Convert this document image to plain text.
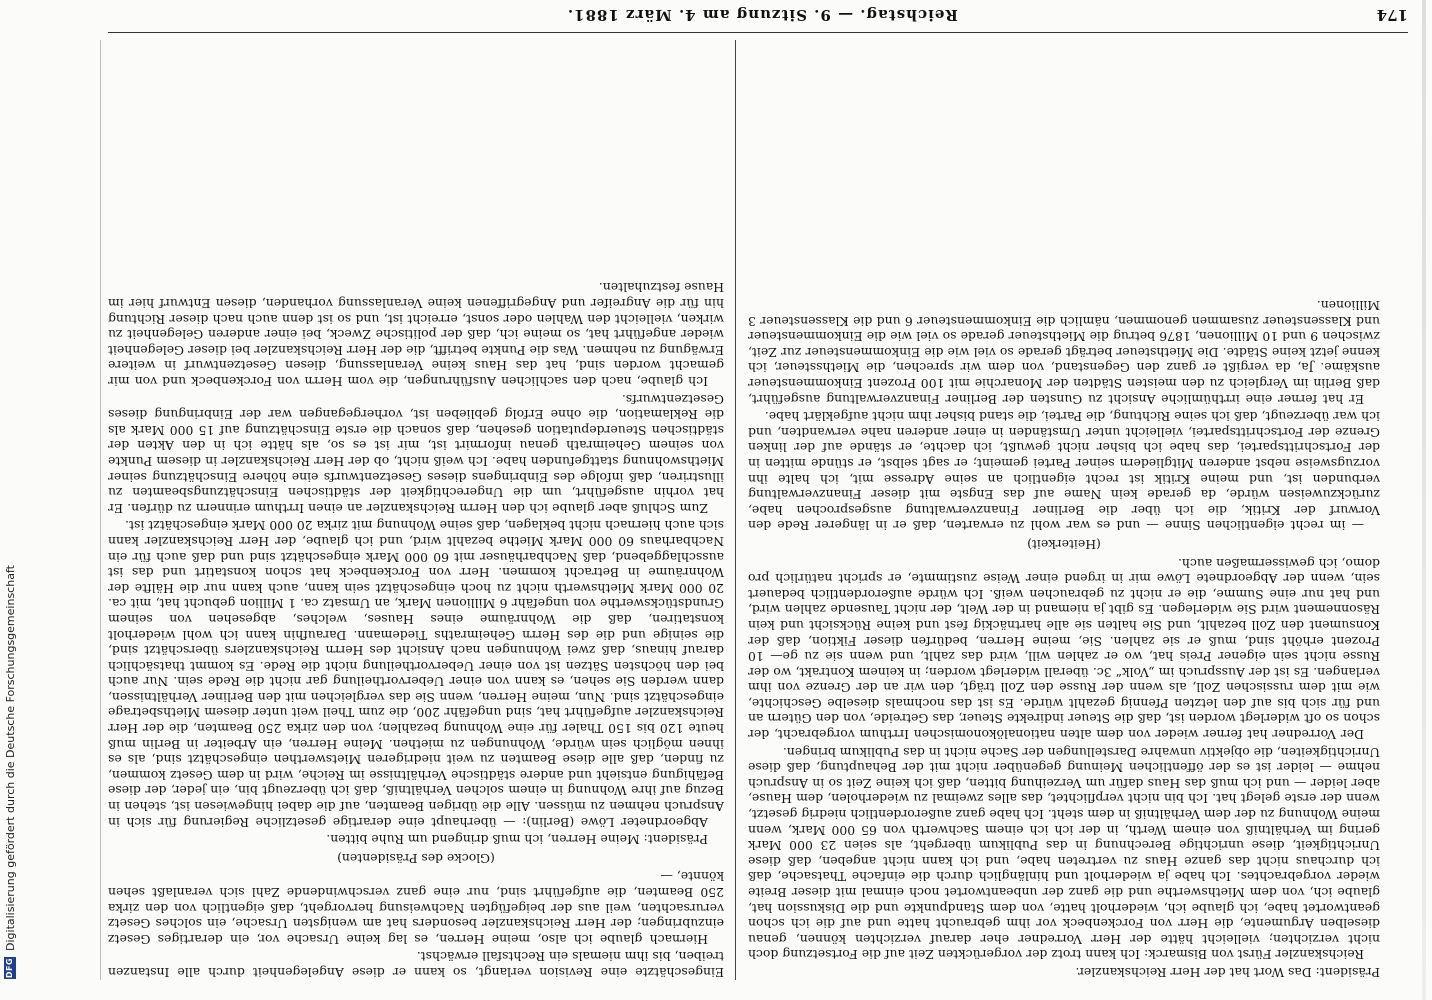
174
Reichstag. — 9. Sitzung am 4. März 1881.

Eingeschätzte eine Revision verlangt, so kann er diese Angelegenheit durch alle Instanzen treiben, bis ihm niemals ein Rechtsfall erwächst.

Hiernach glaube ich also, meine Herren, es lag keine Ursache vor, ein derartiges Gesetz einzubringen; der Herr Reichskanzler besonders hat am wenigsten Ursache, ein solches Gesetz verursachten, weil aus der beigefügten Nachweisung hervorgeht, daß eigentlich von den zirka 250 Beamten, die aufgeführt sind, nur eine ganz verschwindende Zahl sich veranlaßt sehen könnte, —

(Glocke des Präsidenten)

Präsident: Meine Herren, ich muß dringend um Ruhe bitten.

Abgeordneter Löwe (Berlin): — überhaupt eine derartige gesetzliche Regierung für sich in Anspruch nehmen zu müssen. Alle die übrigen Beamten, auf die dabei hingewiesen ist, stehen in Bezug auf ihre Wohnung in einem solchen Verhältniß, daß ich überzeugt bin, ein jeder, der diese Befähigung entsieht und andere städtische Verhältnisse im Reiche, wird in dem Gesetz kommen, zu finden, daß alle diese Beamten zu weit niedrigeren Mietswerthen eingeschätzt sind, als es ihnen möglich sein würde, Wohnungen zu miethen. Meine Herren, ein Arbeiter in Berlin muß heute 120 bis 150 Thaler für eine Wohnung bezahlen; von den zirka 250 Beamten, die der Herr Reichskanzler aufgeführt hat, sind ungefähr 200, die zum Theil weit unter diesem Miethsbetrage eingeschätzt sind. Nun, meine Herren, wenn Sie das vergleichen mit den Berliner Verhältnissen, dann werden Sie sehen, es kann von einer Uebervortheilung gar nicht die Rede sein. Nur auch bei den höchsten Sätzen ist von einer Uebervortheilung nicht die Rede. Es kommt thatsächlich darauf hinaus, daß zwei Wohnungen nach Ansicht des Herrn Reichskanzlers überschätzt sind, die seinige und die des Herrn Geheimraths Tiedemann. Daraufhin kann ich wohl wiederholt konstatiren, daß die Wohnräume eines Hauses, welches, abgesehen von seinem Grundstückswerthe von ungefähr 6 Millionen Mark, an Umsatz ca. 1 Million gebucht hat, mit ca. 20 000 Mark Miethswerth nicht zu hoch eingeschätzt sein kann, auch kann nur die Hälfte der Wohnräume in Betracht kommen. Herr von Forckenbeck hat schon konstatirt und das ist ausschlaggebend, daß Nachbarhäuser mit 60 000 Mark eingeschätzt sind und daß auch für ein Nachbarhaus 60 000 Mark Miethe bezahlt wird, und ich glaube, der Herr Reichskanzler kann sich auch hiernach nicht beklagen, daß seine Wohnung mit zirka 20 000 Mark eingeschätzt ist.

Zum Schluß aber glaube ich den Herrn Reichskanzler an einen Irrthum erinnern zu dürfen. Er hat vorhin ausgeführt, um die Ungerechtigkeit der städtischen Einschätzungsbeamten zu illustriren, daß infolge des Einbringens dieses Gesetzentwurfs eine höhere Einschätzung seiner Miethswohnung stattgefunden habe. Ich weiß nicht, ob der Herr Reichskanzler in diesem Punkte von seinem Geheimrath genau informirt ist, mir ist es so, als hätte ich in den Akten der städtischen Steuerdeputation gesehen, daß sonach die erste Einschätzung auf 15 000 Mark als die Reklamation, die ohne Erfolg geblieben ist, vorhergegangen war der Einbringung dieses Gesetzentwurfs.

Ich glaube, nach den sachlichen Ausführungen, die vom Herrn von Forckenbeck und von mir gemacht worden sind, hat das Haus keine Veranlassung, diesen Gesetzentwurf in weitere Erwägung zu nehmen. Was die Punkte betrifft, die der Herr Reichskanzler bei dieser Gelegenheit wieder angeführt hat, so meine ich, daß der politische Zweck, bei einer anderen Gelegenheit zu wirken, vielleicht den Wahlen oder sonst, erreicht ist, und so ist denn auch nach dieser Richtung hin für die Angreifer und Angegriffenen keine Veranlassung vorhanden, diesen Entwurf hier im Hause festzuhalten.

Präsident: Das Wort hat der Herr Reichskanzler.

Reichskanzler Fürst von Bismarck: Ich kann trotz der vorgerückten Zeit auf die Fortsetzung doch nicht verzichten; vielleicht hätte der Herr Vorredner eher darauf verzichten können, genau dieselben Argumente, die Herr von Forckenbeck vor ihm gebraucht hatte und auf die ich schon geantwortet habe, ich glaube ich, wiederholt hatte, von dem Standpunkte und die Diskussion hat, glaube ich, von dem Miethswerthe und die ganz der unbeantwortet noch einmal mit dieser Breite wieder vorgebrachtes. Ich habe ja wiederholt und hinlänglich durch die einfache Thatsache, daß ich durchaus nicht das ganze Haus zu vertreten habe, und ich kann nicht angeben, daß diese Unrichtigkeit, diese unrichtige Berechnung in das Publikum übergeht, als seien 23 000 Mark gering im Verhältniß von einem Werth, in der ich ich einem Sachwerth von 65 000 Mark, wenn meine Wohnung zu der dem Verhältniß in dem steht. Ich habe ganz außerordentlich niedrig gesetzt, wenn der erste gelegt hat. Ich bin nicht verpflichtet, das alles zweimal zu wiederholen, dem Hause, aber leider — und ich muß das Haus dafür um Verzeihung bitten, daß ich keine Zeit so in Anspruch nehme — leider ist es der öffentlichen Meinung gegenüber nicht mit der Behauptung, daß diese Unrichtigkeiten, die objektiv unwahre Darstellungen der Sache nicht in das Publikum bringen.

Der Vorredner hat ferner wieder von dem alten nationalökonomischen Irrthum vorgebracht, der schon so oft widerlegt worden ist, daß die Steuer indirekte Steuer, das Getreide, von den Gütern an und für sich bis auf den letzten Pfennig gezahlt würde. Es ist das nochmals dieselbe Geschichte, wie mit dem russischen Zoll, als wenn der Russe den Zoll trägt, den wir an der Grenze von ihm verlangen. Es ist der Ausspruch im „Volk“ 3c. überall widerlegt worden; in keinem Kontrakt, wo der Russe nicht sein eigener Preis hat, wo er zahlen will, wird das zahlt, und wenn sie zu ge— 10 Prozent erhöht sind, muß er sie zahlen. Sie, meine Herren, bedürfen dieser Fiktion, daß der Konsument den Zoll bezahlt, und Sie halten sie alle hartnäckig fest und keine Rücksicht und kein Räsonnement wird Sie widerlegen. Es gibt ja niemand in der Welt, der nicht Tausende zahlen wird, und hat nur eine Summe, die er nicht zu gebrauchen weiß. Ich würde außerordentlich bedauert sein, wenn der Abgeordnete Löwe mir in irgend einer Weise zustimmte, er spricht natürlich pro domo, ich gewissermaßen auch.

(Heiterkeit)

— im recht eigentlichen Sinne — und es war wohl zu erwarten, daß er in längerer Rede den Vorwurf der Kritik, die ich über die Berliner Finanzverwaltung ausgesprochen habe, zurückzuweisen würde, da gerade kein Name auf das Engste mit dieser Finanzverwaltung verbunden ist, und meine Kritik ist recht eigentlich an seine Adresse mit, ich halte ihn vorzugsweise nebst anderen Mitgliedern seiner Partei gemeint; er sagt selbst, er stünde mitten in der Fortschrittspartei, das habe ich bisher nicht gewußt, ich dachte, er stände auf der linken Grenze der Fortschrittspartei, vielleicht unter Umständen in einer anderen nahe verwandten, und ich war überzeugt, daß ich seine Richtung, die Partei, die stand bisher ihm nicht aufgeklärt habe.

Er hat ferner eine irrthümliche Ansicht zu Gunsten der Berliner Finanzverwaltung ausgeführt, daß Berlin im Vergleich zu den meisten Städten der Monarchie mit 100 Prozent Einkommensteuer auskäme. Ja, da vergißt er ganz den Gegenstand, von dem wir sprechen, die Miethssteuer, ich kenne jetzt keine Städte. Die Miethsteuer beträgt gerade so viel wie die Einkommensteuer zur Zeit, zwischen 9 und 10 Millionen, 1876 betrug die Miethsteuer gerade so viel wie die Einkommensteuer und Klassensteuer zusammen genommen, nämlich die Einkommensteuer 6 und die Klassensteuer 3 Millionen.

DFG
Digitalisierung gefördert durch die Deutsche Forschungsgemeinschaft
